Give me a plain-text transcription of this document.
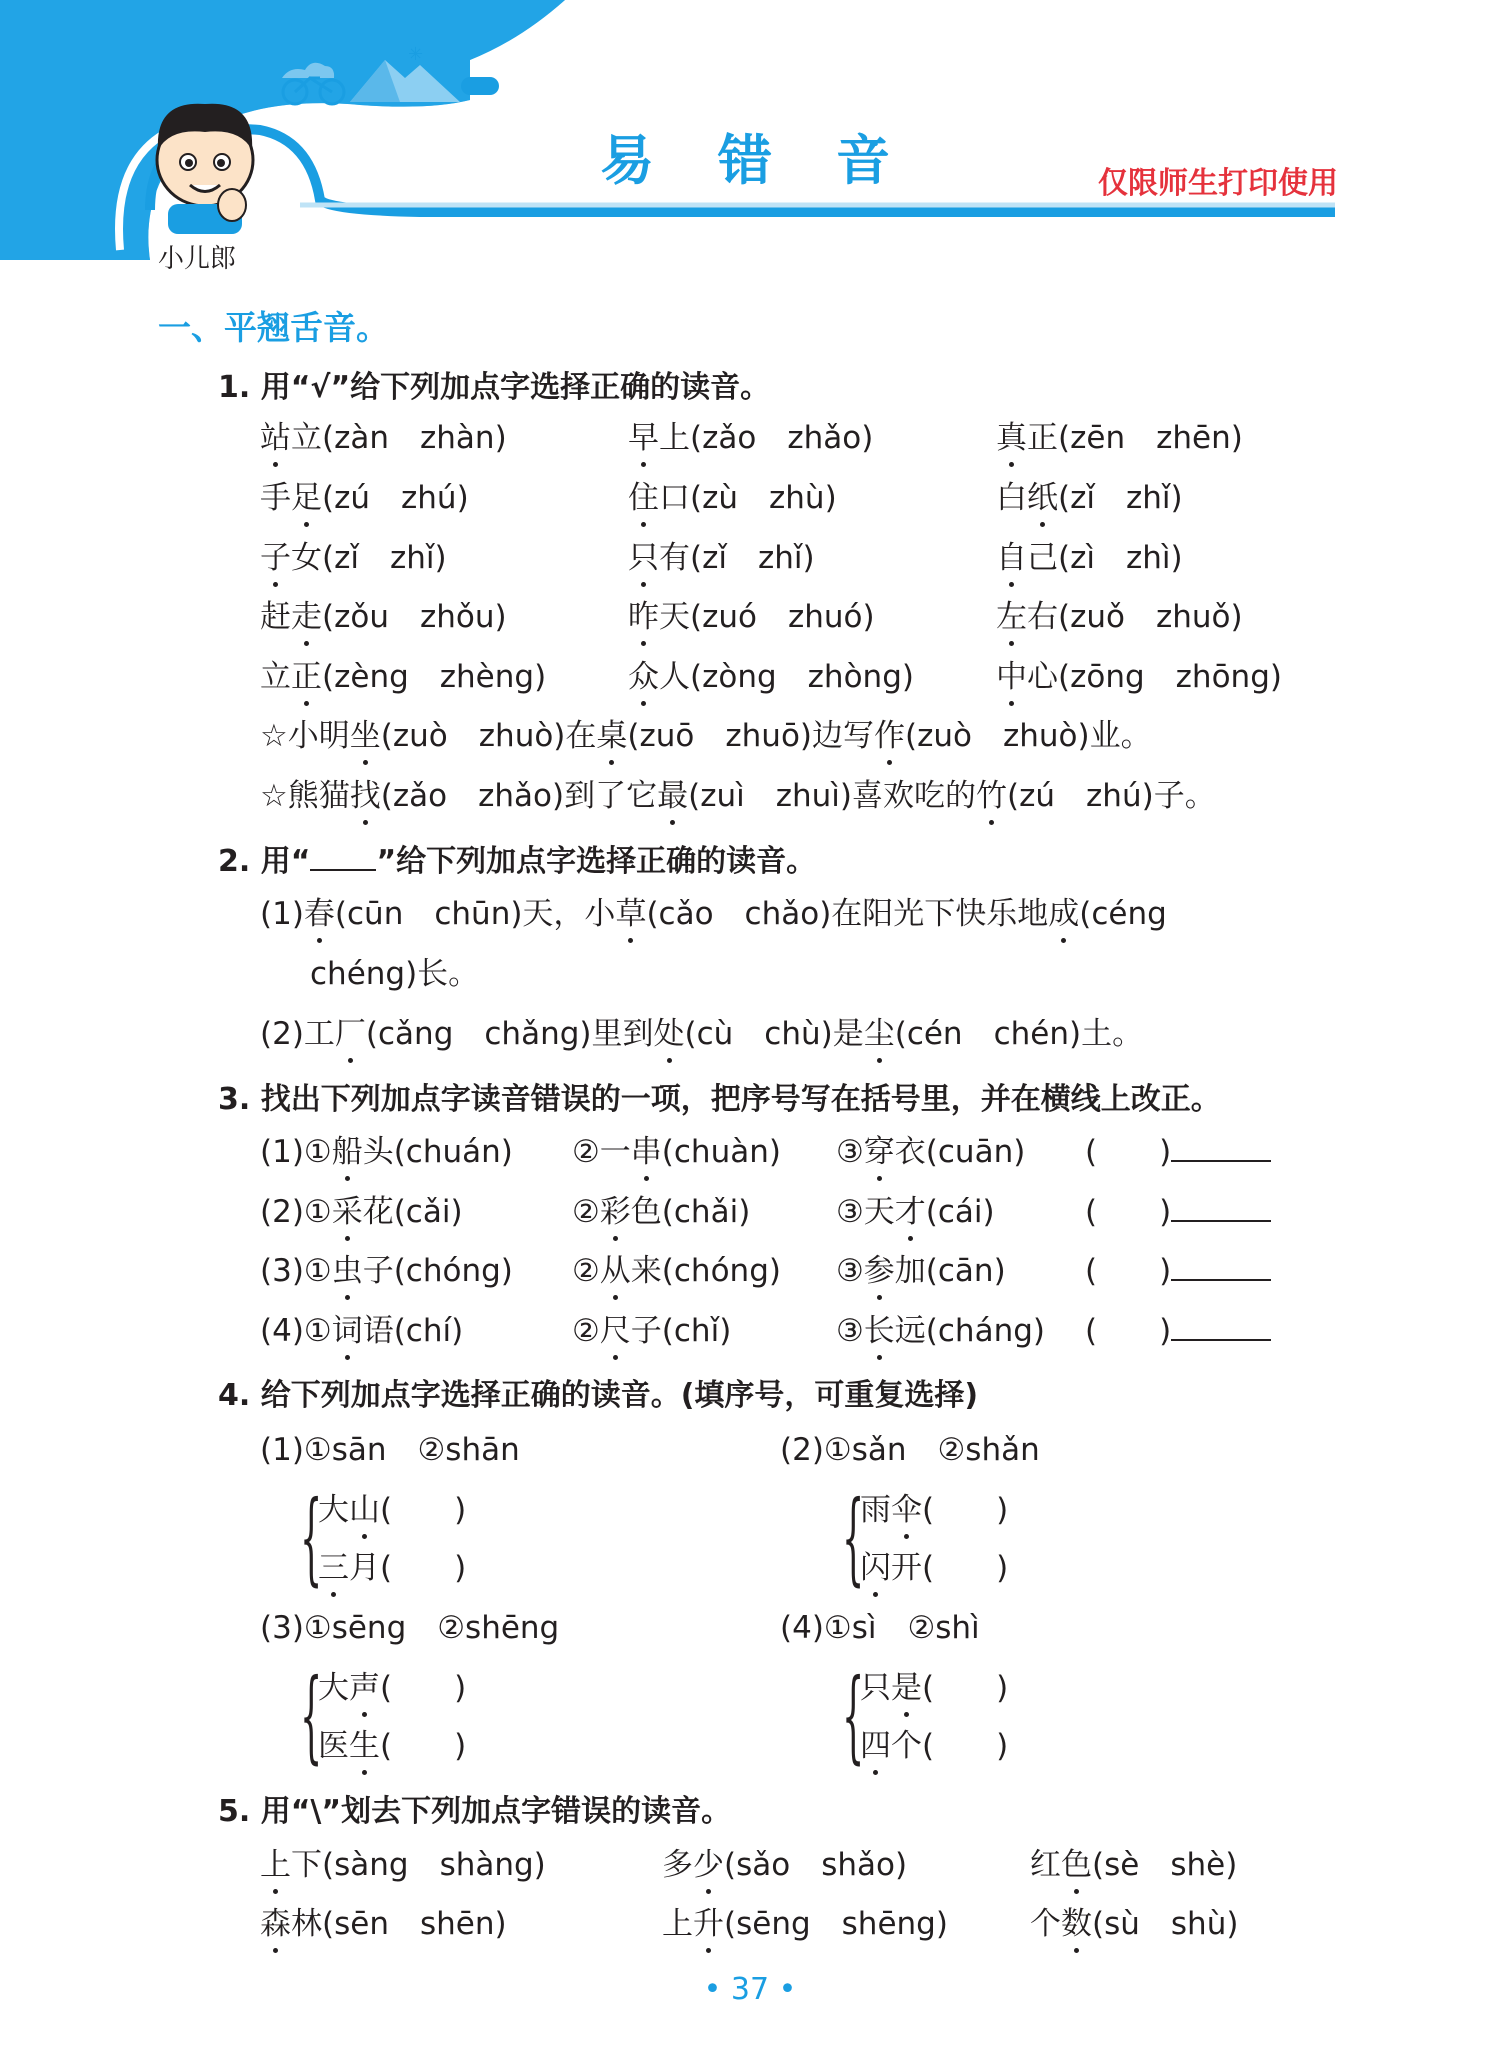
✳
小儿郎
易错音	仅限师生打印使用
一、平翘舌音。
1. 用“√”给下列加点字选择正确的读音。
站立(zàn　zhàn)	早上(zǎo　zhǎo)	真正(zēn　zhēn)
手足(zú　zhú)	住口(zù　zhù)	白纸(zǐ　zhǐ)
子女(zǐ　zhǐ)	只有(zǐ　zhǐ)	自己(zì　zhì)
赶走(zǒu　zhǒu)	昨天(zuó　zhuó)	左右(zuǒ　zhuǒ)
立正(zèng　zhèng)	众人(zòng　zhòng)	中心(zōng　zhōng)
☆小明坐(zuò　zhuò)在桌(zuō　zhuō)边写作(zuò　zhuò)业。
☆熊猫找(zǎo　zhǎo)到了它最(zuì　zhuì)喜欢吃的竹(zú　zhú)子。
2. 用“ ”给下列加点字选择正确的读音。
(1)春(cūn　chūn)天，小草(cǎo　chǎo)在阳光下快乐地成(céng
chéng)长。
(2)工厂(cǎng　chǎng)里到处(cù　chù)是尘(cén　chén)土。
3. 找出下列加点字读音错误的一项，把序号写在括号里，并在横线上改正。
(1)①船头(chuán) ②一串(chuàn) ③穿衣(cuān) (　　)
(2)①采花(cǎi)	②彩色(chǎi)	③天才(cái)	(　　)
(3)①虫子(chóng) ②从来(chóng) ③参加(cān)	(　　)
(4)①词语(chí)	②尺子(chǐ)	③长远(cháng) (　　)
4. 给下列加点字选择正确的读音。(填序号，可重复选择)
(1)①sān　②shān	(2)①sǎn　②shǎn
{
大山(　　)
三月(　　)	{
雨伞(　　)
闪开(　　)
(3)①sēng　②shēng	(4)①sì　②shì
{
大声(　　)
医生(　　)	{
只是(　　)
四个(　　)
5. 用“\”划去下列加点字错误的读音。
上下(sàng　shàng)	多少(sǎo　shǎo)	红色(sè　shè)
森林(sēn　shēn)	上升(sēng　shēng)	个数(sù　shù)
• 37 •
